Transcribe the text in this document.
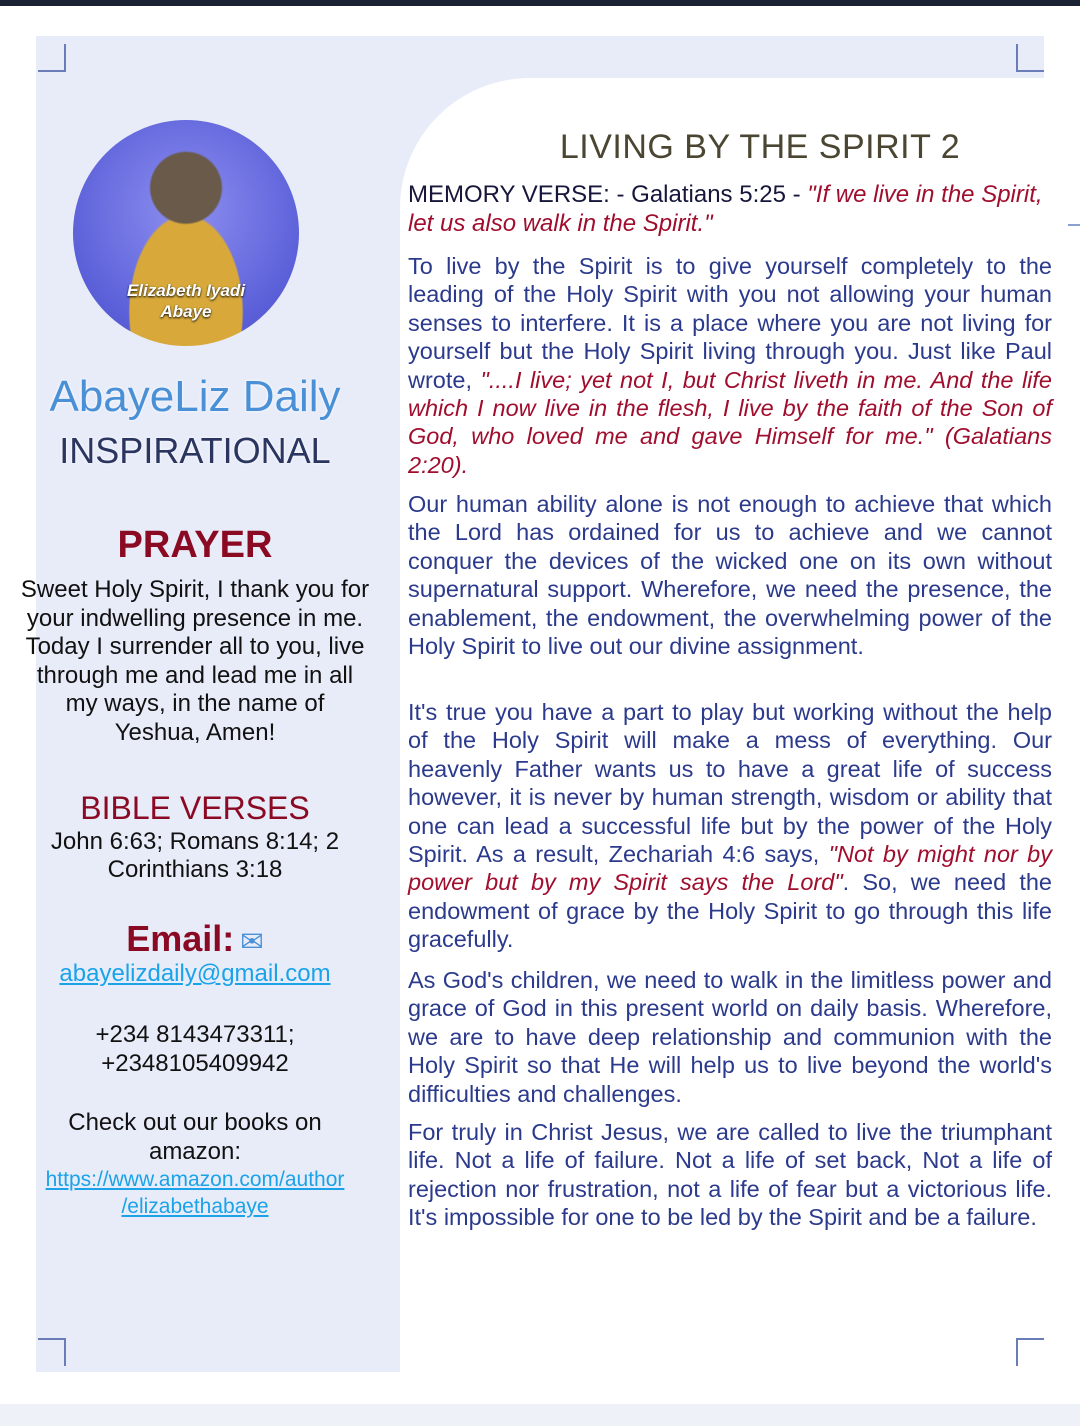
Elizabeth Iyadi
Abaye
AbayeLiz Daily
INSPIRATIONAL
PRAYER
Sweet Holy Spirit, I thank you for your indwelling presence in me. Today I surrender all to you, live through me and lead me in all my ways, in the name of Yeshua, Amen!
BIBLE VERSES
John 6:63; Romans 8:14; 2 Corinthians 3:18
Email: ✉
abayelizdaily@gmail.com
+234 8143473311;
+2348105409942
Check out our books on amazon:
https://www.amazon.com/author
/elizabethabaye
LIVING BY THE SPIRIT 2
MEMORY VERSE: - Galatians 5:25 - "If we live in the Spirit, let us also walk in the Spirit."
To live by the Spirit is to give yourself completely to the leading of the Holy Spirit with you not allowing your human senses to interfere. It is a place where you are not living for yourself but the Holy Spirit living through you. Just like Paul wrote, "....I live; yet not I, but Christ liveth in me. And the life which I now live in the flesh, I live by the faith of the Son of God, who loved me and gave Himself for me." (Galatians 2:20).
Our human ability alone is not enough to achieve that which the Lord has ordained for us to achieve and we cannot conquer the devices of the wicked one on its own without supernatural support. Wherefore, we need the presence, the enablement, the endowment, the overwhelming power of the Holy Spirit to live out our divine assignment.
It's true you have a part to play but working without the help of the Holy Spirit will make a mess of everything. Our heavenly Father wants us to have a great life of success however, it is never by human strength, wisdom or ability that one can lead a successful life but by the power of the Holy Spirit. As a result, Zechariah 4:6 says, "Not by might nor by power but by my Spirit says the Lord". So, we need the endowment of grace by the Holy Spirit to go through this life gracefully.
As God's children, we need to walk in the limitless power and grace of God in this present world on daily basis. Wherefore, we are to have deep relationship and communion with the Holy Spirit so that He will help us to live beyond the world's difficulties and challenges.
For truly in Christ Jesus, we are called to live the triumphant life. Not a life of failure. Not a life of set back, Not a life of rejection nor frustration, not a life of fear but a victorious life. It's impossible for one to be led by the Spirit and be a failure.
